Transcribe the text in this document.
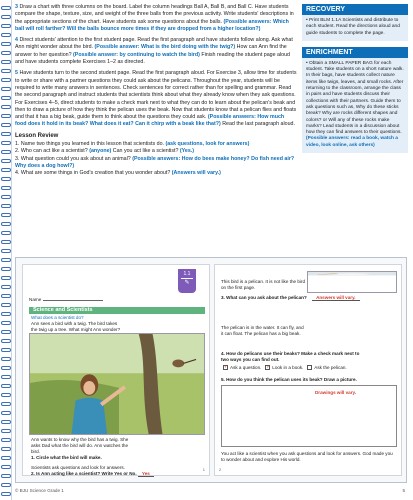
3 Draw a chart with three columns on the board. Label the column headings Ball A, Ball B, and Ball C. Have students compare the shape, texture, size, and weight of the three balls from the previous activity. Write students' descriptions in the appropriate sections of the chart. Have students ask some questions about the balls. (Possible answers: Which ball will roll farther? Will the balls bounce more times if they are dropped from a higher location?)

4 Direct students' attention to the first student page. Read the first paragraph and have students follow along. Ask what Ann might wonder about the bird. (Possible answer: What is the bird doing with the twig?) How can Ann find the answer to her question? (Possible answer: by continuing to watch the bird) Finish reading the student page aloud and have students complete Exercises 1–2 as directed.

5 Have students turn to the second student page. Read the first paragraph aloud. For Exercise 3, allow time for students to write or share with a partner questions they could ask about the pelicans. Throughout the year, students will be required to write many answers in sentences. Check sentences for correct rather than for spelling and grammar. Read the second paragraph and instruct students that scientists think about what they already know when they ask questions. For Exercises 4–5, direct students to make a check mark next to what they can do to learn about the pelican's beak and then to draw a picture of how they think the pelican uses the beak. Now that students know that a pelican flies and floats and that it has a big beak, guide them to think about the questions they could ask. (Possible answers: How much food does it hold in its beak? What does it eat? Can it chirp with a beak like that?) Read the last paragraph aloud.

Lesson Review

1. Name two things you learned in this lesson that scientists do. (ask questions, look for answers)

2. Who can act like a scientist? (anyone) Can you act like a scientist? (Yes.)

3. What question could you ask about an animal? (Possible answers: How do bees make honey? Do fish need air? Why does a dog howl?)

4. What are some things in God's creation that you wonder about? (Answers will vary.)

RECOVERY
• Print BLM 1.1A Scientists and distribute to each student. Read the directions aloud and guide students to complete the page.
ENRICHMENT
• Obtain a SMALL PAPER BAG for each student. Take students on a short nature walk. In their bags, have students collect nature items like twigs, leaves, and small rocks. After returning to the classroom, arrange the class in pairs and have students discuss their collections with their partners. Guide them to ask questions such as, Why do these sticks break? Why are rocks different shapes and colors? or Will any of these rocks make marks? Lead students in a discussion about how they can find answers to their questions. (Possible answers: read a book, watch a video, look online, ask others)
Name
1.1
✎
Science and Scientists
What does a scientist do?
Ann sees a bird with a twig. The bird takes the twig up a tree. What might Ann wonder?
Ann wants to know why the bird has a twig. She asks Dad what the bird will do. Ann watches the bird.
1. Circle what the bird will make.
Scientists ask questions and look for answers.
2. Is Ann acting like a scientist? Write Yes or No. Yes
1
This bird is a pelican. It is not like the bird on the first page.
3. What can you ask about the pelican? Answers will vary.
The pelican is in the water. It can fly, and it can float. The pelican has a big beak.
4. How do pelicans use their beaks? Make a check mark next to two ways you can find out.
✓Ask a question.   ✓ Look in a book. Ask the pelican.
5. How do you think the pelican uses its beak? Draw a picture.
Drawings will vary.
You act like a scientist when you ask questions and look for answers. God made you to wonder about and explore His world.
2
© BJU Science Grade 1	5
